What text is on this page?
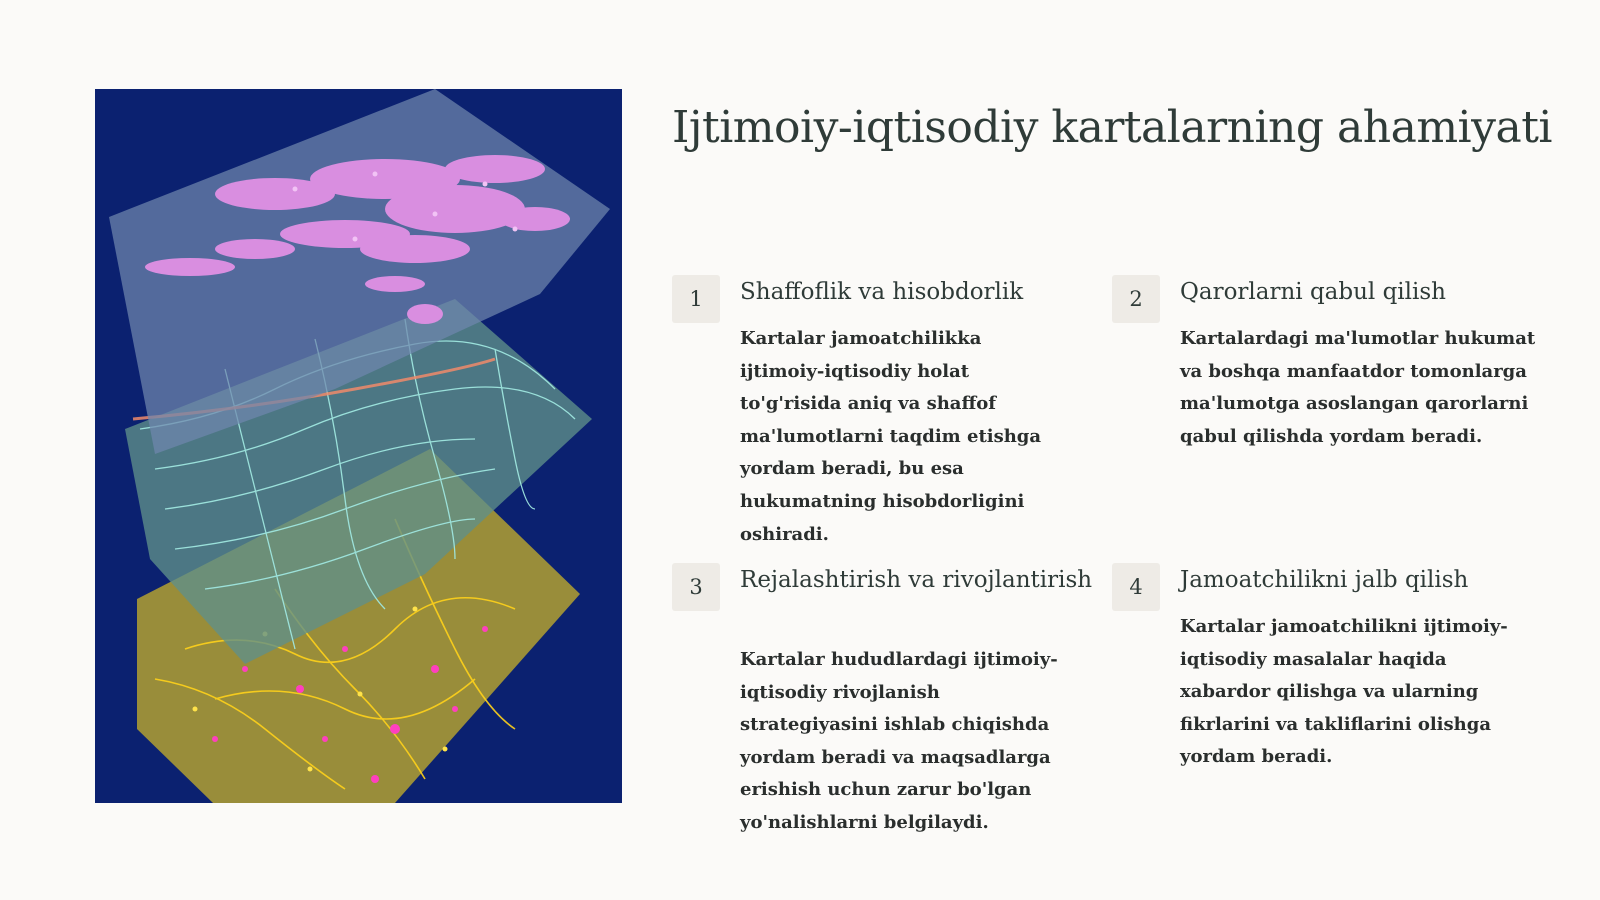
Ijtimoiy-iqtisodiy kartalarning ahamiyati
1	Shaffoflik va hisobdorlik

Kartalar jamoatchilikka ijtimoiy-iqtisodiy holat to'g'risida aniq va shaffof ma'lumotlarni taqdim etishga yordam beradi, bu esa hukumatning hisobdorligini oshiradi.

2	Qarorlarni qabul qilish

Kartalardagi ma'lumotlar hukumat va boshqa manfaatdor tomonlarga ma'lumotga asoslangan qarorlarni qabul qilishda yordam beradi.

3	Rejalashtirish va rivojlantirish

Kartalar hududlardagi ijtimoiy-iqtisodiy rivojlanish strategiyasini ishlab chiqishda yordam beradi va maqsadlarga erishish uchun zarur bo'lgan yo'nalishlarni belgilaydi.

4	Jamoatchilikni jalb qilish

Kartalar jamoatchilikni ijtimoiy-iqtisodiy masalalar haqida xabardor qilishga va ularning fikrlarini va takliflarini olishga yordam beradi.
